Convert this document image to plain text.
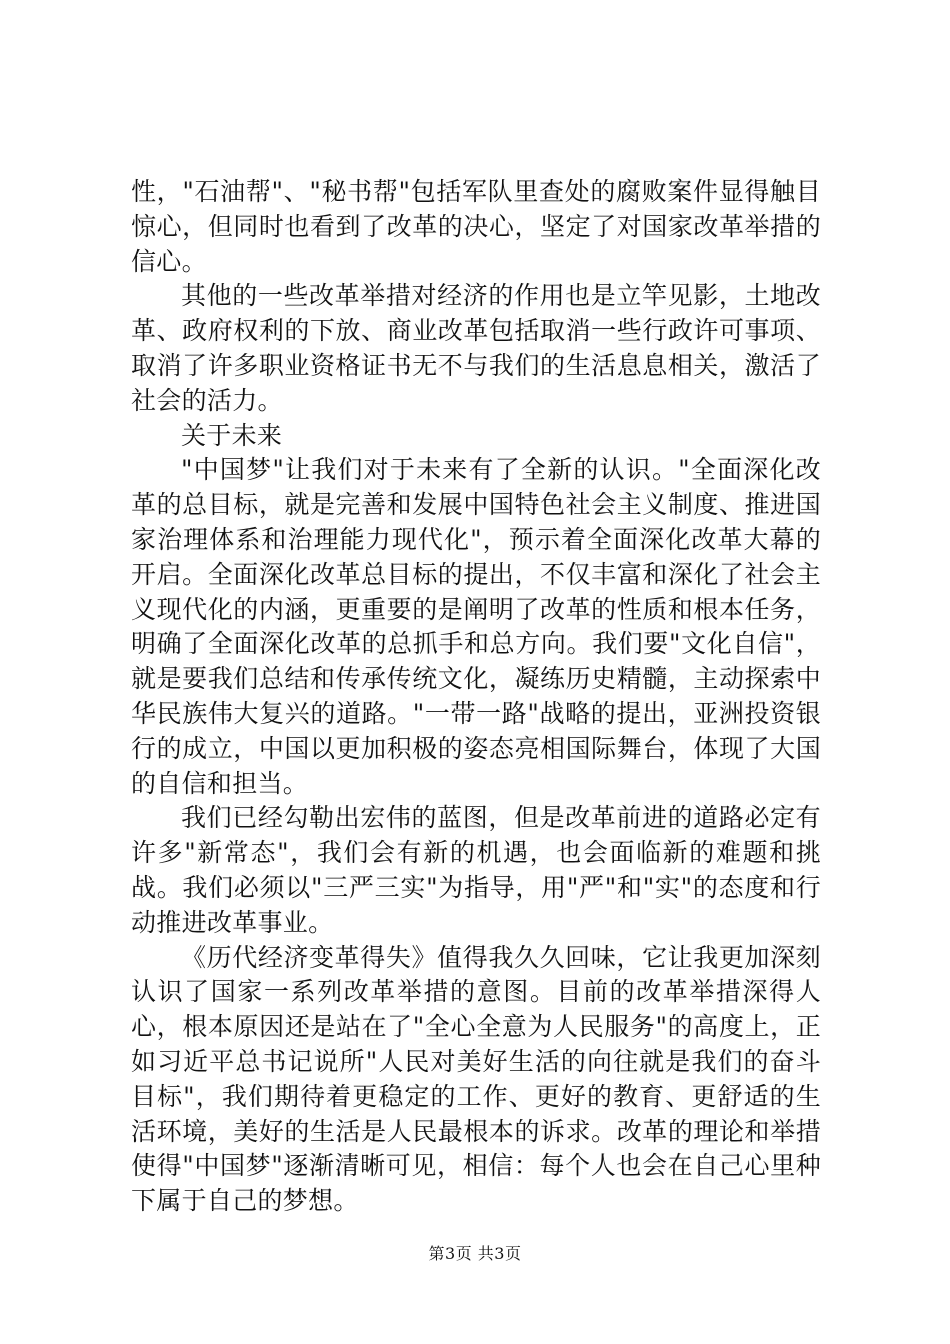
性，"石油帮"、"秘书帮"包括军队里查处的腐败案件显得触目惊心，但同时也看到了改革的决心，坚定了对国家改革举措的信心。

其他的一些改革举措对经济的作用也是立竿见影，土地改革、政府权利的下放、商业改革包括取消一些行政许可事项、取消了许多职业资格证书无不与我们的生活息息相关，激活了社会的活力。

关于未来

"中国梦"让我们对于未来有了全新的认识。"全面深化改革的总目标，就是完善和发展中国特色社会主义制度、推进国家治理体系和治理能力现代化"，预示着全面深化改革大幕的开启。全面深化改革总目标的提出，不仅丰富和深化了社会主义现代化的内涵，更重要的是阐明了改革的性质和根本任务，明确了全面深化改革的总抓手和总方向。我们要"文化自信"，就是要我们总结和传承传统文化，凝练历史精髓，主动探索中华民族伟大复兴的道路。"一带一路"战略的提出，亚洲投资银行的成立，中国以更加积极的姿态亮相国际舞台，体现了大国的自信和担当。

我们已经勾勒出宏伟的蓝图，但是改革前进的道路必定有许多"新常态"，我们会有新的机遇，也会面临新的难题和挑战。我们必须以"三严三实"为指导，用"严"和"实"的态度和行动推进改革事业。

《历代经济变革得失》值得我久久回味，它让我更加深刻认识了国家一系列改革举措的意图。目前的改革举措深得人心，根本原因还是站在了"全心全意为人民服务"的高度上，正如习近平总书记说所"人民对美好生活的向往就是我们的奋斗目标"，我们期待着更稳定的工作、更好的教育、更舒适的生活环境，美好的生活是人民最根本的诉求。改革的理论和举措使得"中国梦"逐渐清晰可见，相信：每个人也会在自己心里种下属于自己的梦想。

第3页 共3页
